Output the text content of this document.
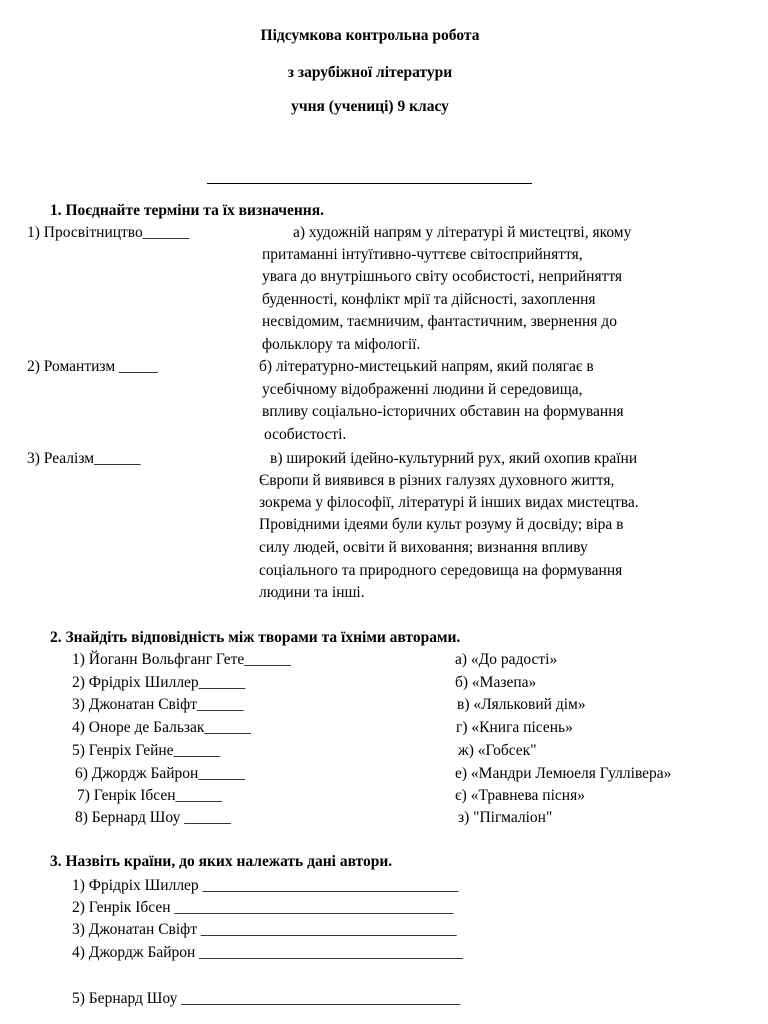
Підсумкова контрольна робота
з зарубіжної літератури
учня (учениці) 9 класу
1. Поєднайте терміни та їх визначення.
1) Просвітництво______
2) Романтизм _____
3) Реалізм______
а) художній напрям у літературі й мистецтві, якому
притаманні інтуїтивно-чуттєве світосприйняття,
увага до внутрішнього світу особистості, неприйняття
буденності, конфлікт мрії та дійсності, захоплення
несвідомим, таємничим, фантастичним, звернення до
фольклору та міфології.
б) літературно-мистецький напрям, який полягає в
усебічному відображенні людини й середовища,
впливу соціально-історичних обставин на формування
особистості.
в) широкий ідейно-культурний рух, який охопив країни
Європи й виявився в різних галузях духовного життя,
зокрема у філософії, літературі й інших видах мистецтва.
Провідними ідеями були культ розуму й досвіду; віра в
силу людей, освіти й виховання; визнання впливу
соціального та природного середовища на формування
людини та інші.
2. Знайдіть відповідність між творами та їхніми авторами.
1) Йоганн Вольфганг Гете______
2) Фрідріх Шиллер______
3) Джонатан Свіфт______
4) Оноре де Бальзак______
5) Генріх Гейне______
6) Джордж Байрон______
7) Генрік Ібсен______
8) Бернард Шоу ______
а) «До радості»
б) «Мазепа»
в) «Ляльковий дім»
г) «Книга пісень»
ж) «Гобсек"
е) «Мандри Лемюеля Гуллівера»
є) «Травнева пісня»
з) "Пігмаліон"
3. Назвіть країни, до яких належать дані автори.
1) Фрідріх Шиллер _________________________________
2) Генрік Ібсен ____________________________________
3) Джонатан Свіфт _________________________________
4) Джордж Байрон __________________________________
5) Бернард Шоу ____________________________________
